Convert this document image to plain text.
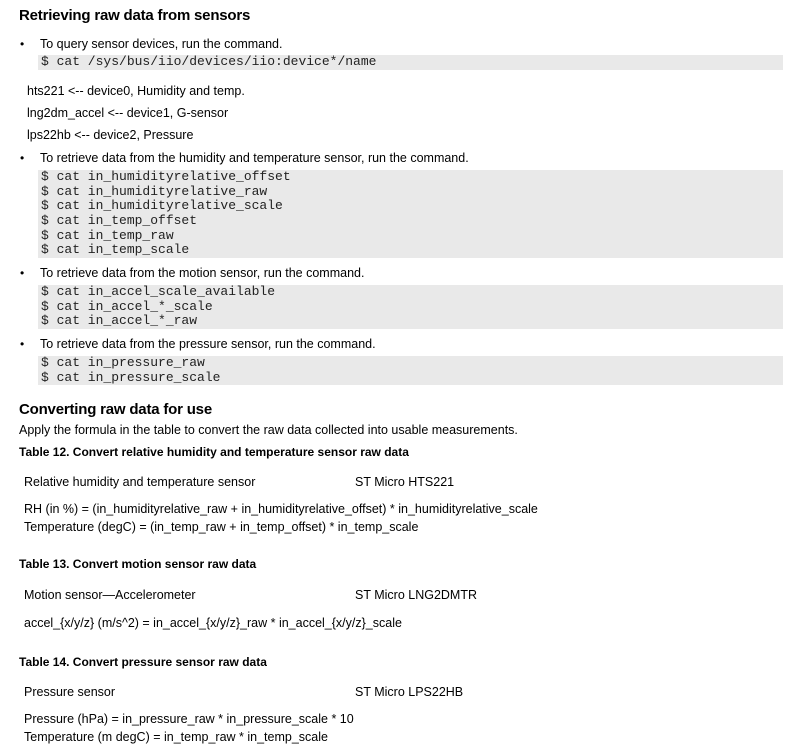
Retrieving raw data from sensors
• To query sensor devices, run the command.
$ cat /sys/bus/iio/devices/iio:device*/name
hts221 <-- device0, Humidity and temp.
lng2dm_accel <-- device1, G-sensor
lps22hb <-- device2, Pressure
• To retrieve data from the humidity and temperature sensor, run the command.
$ cat in_humidityrelative_offset
$ cat in_humidityrelative_raw
$ cat in_humidityrelative_scale
$ cat in_temp_offset
$ cat in_temp_raw
$ cat in_temp_scale
• To retrieve data from the motion sensor, run the command.
$ cat in_accel_scale_available
$ cat in_accel_*_scale
$ cat in_accel_*_raw
• To retrieve data from the pressure sensor, run the command.
$ cat in_pressure_raw
$ cat in_pressure_scale
Converting raw data for use
Apply the formula in the table to convert the raw data collected into usable measurements.
Table 12. Convert relative humidity and temperature sensor raw data
Relative humidity and temperature sensor	ST Micro HTS221
RH (in %) = (in_humidityrelative_raw + in_humidityrelative_offset) * in_humidityrelative_scale
Temperature (degC) = (in_temp_raw + in_temp_offset) * in_temp_scale
Table 13. Convert motion sensor raw data
Motion sensor—Accelerometer	ST Micro LNG2DMTR
accel_{x/y/z} (m/s^2) = in_accel_{x/y/z}_raw * in_accel_{x/y/z}_scale
Table 14. Convert pressure sensor raw data
Pressure sensor	ST Micro LPS22HB
Pressure (hPa) = in_pressure_raw * in_pressure_scale * 10
Temperature (m degC) = in_temp_raw * in_temp_scale
